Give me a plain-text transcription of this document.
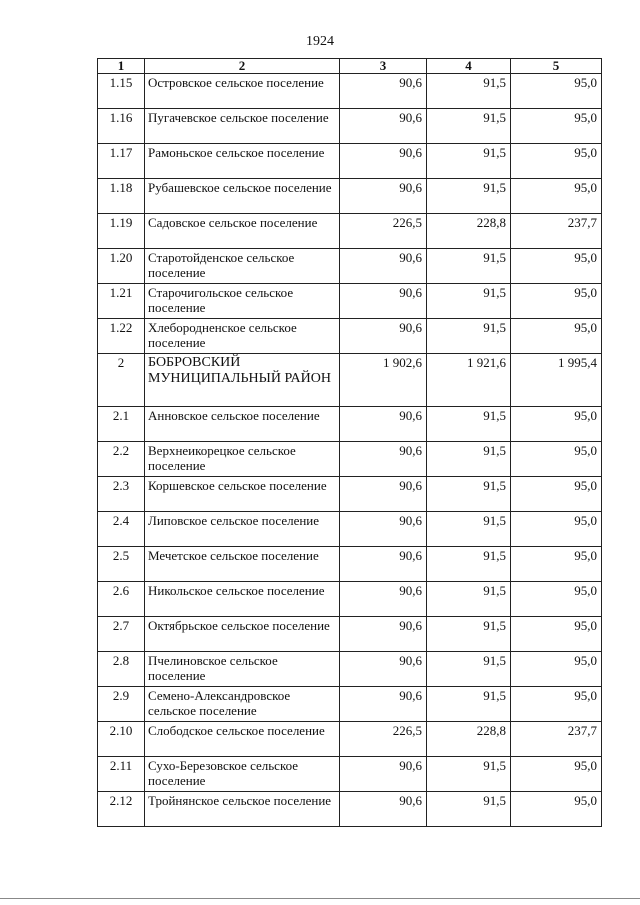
1924
1	2	3	4	5
1.15	Островское сельское поселение	90,6	91,5	95,0
1.16	Пугачевское сельское поселение	90,6	91,5	95,0
1.17	Рамоньское сельское поселение	90,6	91,5	95,0
1.18	Рубашевское сельское поселение	90,6	91,5	95,0
1.19	Садовское сельское поселение	226,5	228,8	237,7
1.20	Старотойденское сельское поселение	90,6	91,5	95,0
1.21	Старочигольское сельское поселение	90,6	91,5	95,0
1.22	Хлебородненское сельское поселение	90,6	91,5	95,0
2	БОБРОВСКИЙ МУНИЦИПАЛЬНЫЙ РАЙОН	1 902,6	1 921,6	1 995,4
2.1	Анновское сельское поселение	90,6	91,5	95,0
2.2	Верхнеикорецкое сельское поселение	90,6	91,5	95,0
2.3	Коршевское сельское поселение	90,6	91,5	95,0
2.4	Липовское сельское поселение	90,6	91,5	95,0
2.5	Мечетское сельское поселение	90,6	91,5	95,0
2.6	Никольское сельское поселение	90,6	91,5	95,0
2.7	Октябрьское сельское поселение	90,6	91,5	95,0
2.8	Пчелиновское сельское поселение	90,6	91,5	95,0
2.9	Семено-Александровское сельское поселение	90,6	91,5	95,0
2.10	Слободское сельское поселение	226,5	228,8	237,7
2.11	Сухо-Березовское сельское поселение	90,6	91,5	95,0
2.12	Тройнянское сельское поселение	90,6	91,5	95,0
